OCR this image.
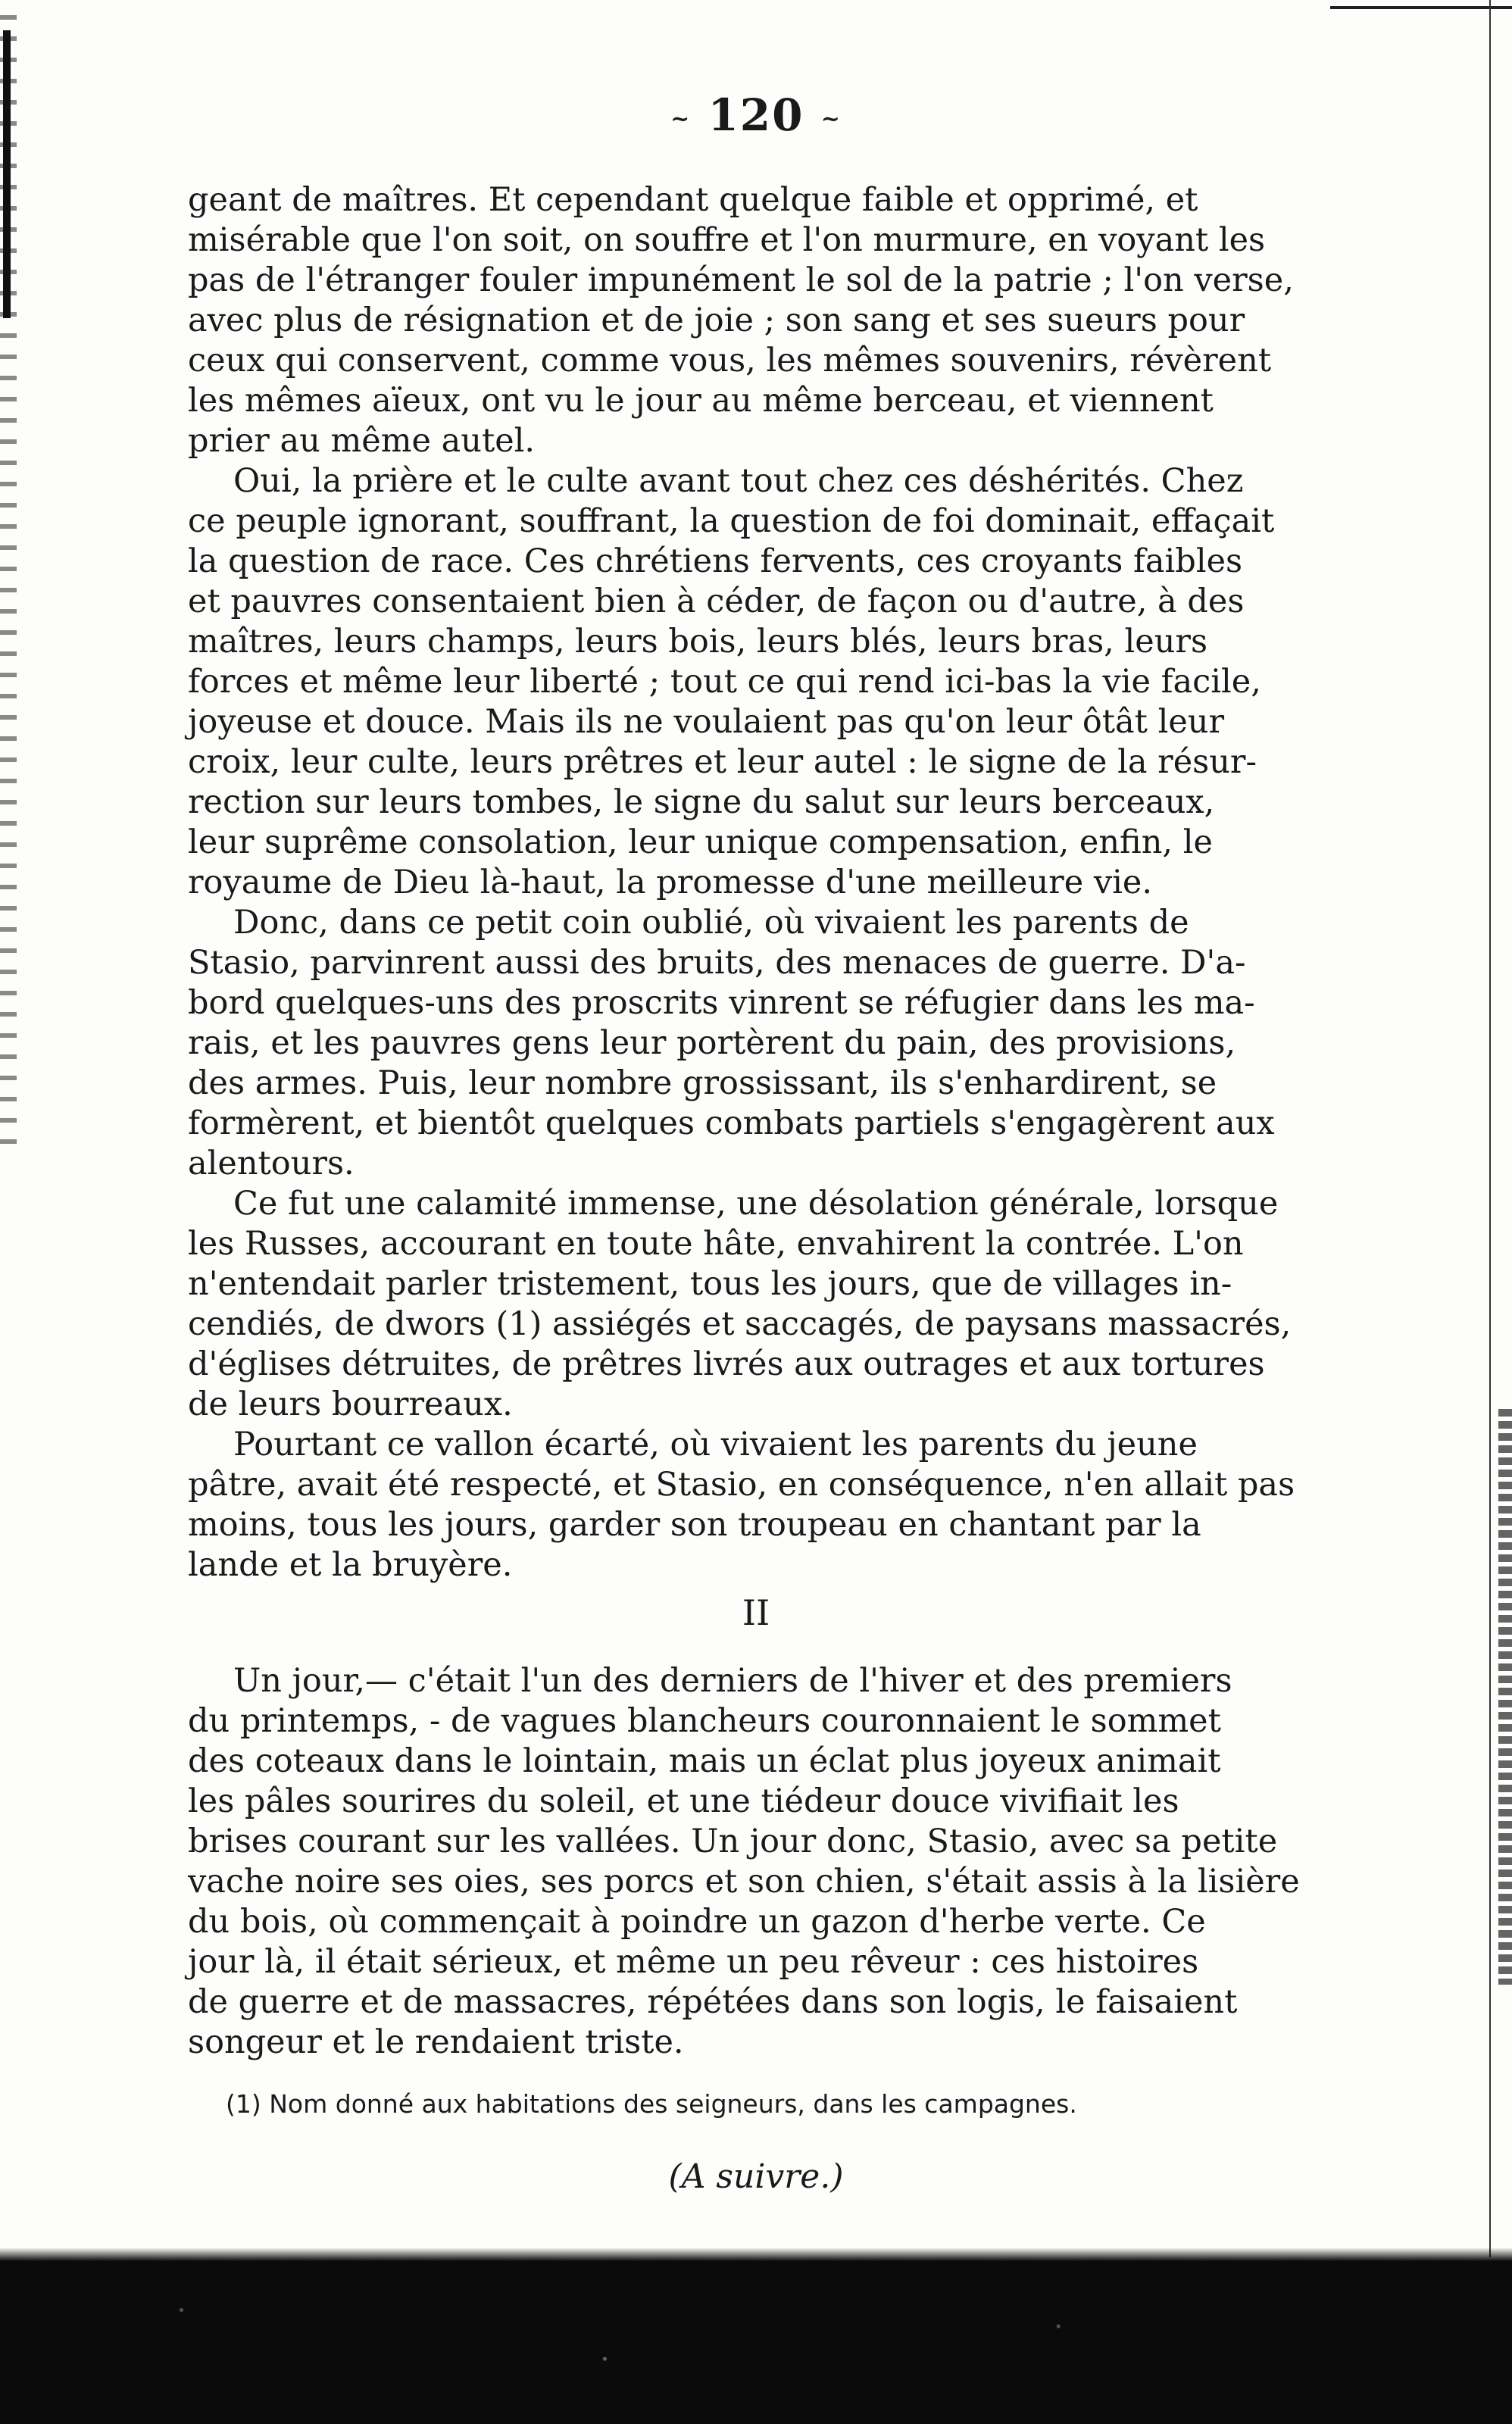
~ 120 ~
geant de maîtres. Et cependant quelque faible et opprimé, et
misérable que l'on soit, on souffre et l'on murmure, en voyant les
pas de l'étranger fouler impunément le sol de la patrie ; l'on verse,
avec plus de résignation et de joie ; son sang et ses sueurs pour
ceux qui conservent, comme vous, les mêmes souvenirs, révèrent
les mêmes aïeux, ont vu le jour au même berceau, et viennent
prier au même autel.
Oui, la prière et le culte avant tout chez ces déshérités. Chez
ce peuple ignorant, souffrant, la question de foi dominait, effaçait
la question de race. Ces chrétiens fervents, ces croyants faibles
et pauvres consentaient bien à céder, de façon ou d'autre, à des
maîtres, leurs champs, leurs bois, leurs blés, leurs bras, leurs
forces et même leur liberté ; tout ce qui rend ici-bas la vie facile,
joyeuse et douce. Mais ils ne voulaient pas qu'on leur ôtât leur
croix, leur culte, leurs prêtres et leur autel : le signe de la résur-
rection sur leurs tombes, le signe du salut sur leurs berceaux,
leur suprême consolation, leur unique compensation, enfin, le
royaume de Dieu là-haut, la promesse d'une meilleure vie.
Donc, dans ce petit coin oublié, où vivaient les parents de
Stasio, parvinrent aussi des bruits, des menaces de guerre. D'a-
bord quelques-uns des proscrits vinrent se réfugier dans les ma-
rais, et les pauvres gens leur portèrent du pain, des provisions,
des armes. Puis, leur nombre grossissant, ils s'enhardirent, se
formèrent, et bientôt quelques combats partiels s'engagèrent aux
alentours.
Ce fut une calamité immense, une désolation générale, lorsque
les Russes, accourant en toute hâte, envahirent la contrée. L'on
n'entendait parler tristement, tous les jours, que de villages in-
cendiés, de dwors (1) assiégés et saccagés, de paysans massacrés,
d'églises détruites, de prêtres livrés aux outrages et aux tortures
de leurs bourreaux.
Pourtant ce vallon écarté, où vivaient les parents du jeune
pâtre, avait été respecté, et Stasio, en conséquence, n'en allait pas
moins, tous les jours, garder son troupeau en chantant par la
lande et la bruyère.
II
Un jour,— c'était l'un des derniers de l'hiver et des premiers
du printemps, - de vagues blancheurs couronnaient le sommet
des coteaux dans le lointain, mais un éclat plus joyeux animait
les pâles sourires du soleil, et une tiédeur douce vivifiait les
brises courant sur les vallées. Un jour donc, Stasio, avec sa petite
vache noire ses oies, ses porcs et son chien, s'était assis à la lisière
du bois, où commençait à poindre un gazon d'herbe verte. Ce
jour là, il était sérieux, et même un peu rêveur : ces histoires
de guerre et de massacres, répétées dans son logis, le faisaient
songeur et le rendaient triste.
(1) Nom donné aux habitations des seigneurs, dans les campagnes.
(A suivre.)
